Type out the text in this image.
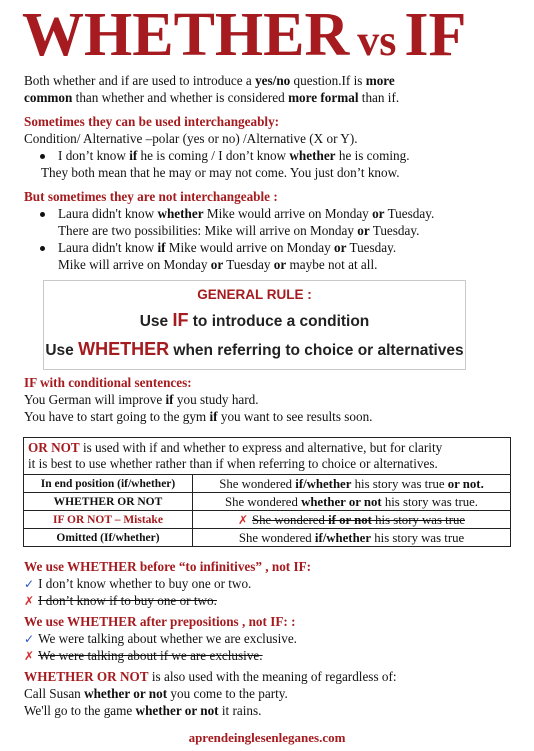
WHETHER vs IF
Both whether and if are used to introduce a yes/no question.If is more
common than whether and whether is considered more formal than if.
Sometimes they can be used interchangeably:
Condition/ Alternative –polar (yes or no) /Alternative (X or Y).
I don’t know if he is coming / I don’t know whether he is coming.
They both mean that he may or may not come. You just don’t know.
But sometimes they are not interchangeable :
Laura didn't know whether Mike would arrive on Monday or Tuesday.
There are two possibilities: Mike will arrive on Monday or Tuesday.
Laura didn't know if Mike would arrive on Monday or Tuesday.
Mike will arrive on Monday or Tuesday or maybe not at all.
GENERAL RULE :
Use IF to introduce a condition
Use WHETHER when referring to choice or alternatives
IF with conditional sentences:
You German will improve if you study hard.
You have to start going to the gym if you want to see results soon.
OR NOT is used with if and whether to express and alternative, but for clarity
it is best to use whether rather than if when referring to choice or alternatives.
In end position (if/whether)	She wondered if/whether his story was true or not.
WHETHER OR NOT	She wondered whether or not his story was true.
IF OR NOT – Mistake	✗ She wondered if or not his story was true
Omitted (If/whether)	She wondered if/whether his story was true
We use WHETHER before “to infinitives” , not IF:
✓ I don’t know whether to buy one or two.
✗ I don’t know if to buy one or two.
We use WHETHER after prepositions , not IF: :
✓ We were talking about whether we are exclusive.
✗ We were talking about if we are exclusive.
WHETHER OR NOT is also used with the meaning of regardless of:
Call Susan whether or not you come to the party.
We'll go to the game whether or not it rains.
aprendeinglesenleganes.com
